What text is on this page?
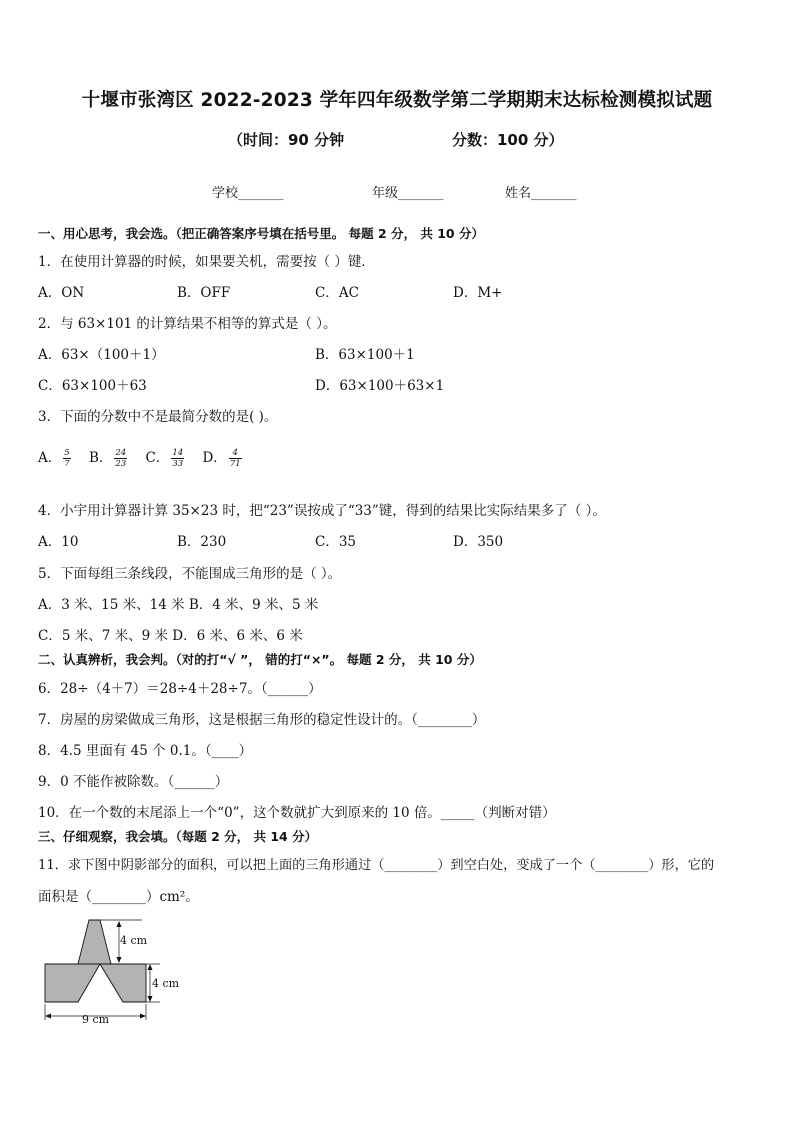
十堰市张湾区 2022-2023 学年四年级数学第二学期期末达标检测模拟试题
（时间：90 分钟	分数：100 分）
学校_______	年级_______	姓名_______
一、用心思考，我会选。（把正确答案序号填在括号里。 每题 2 分， 共 10 分）
1．在使用计算器的时候，如果要关机，需要按（ ）键．
A．ON	B．OFF	C．AC	D．M+
2．与 63×101 的计算结果不相等的算式是（ ）。
A．63×（100＋1）	B．63×100＋1
C．63×100＋63	D．63×100＋63×1
3．下面的分数中不是最简分数的是( )。
A． $\frac{5}{7}$ B． $\frac{24}{23}$ C． $\frac{14}{33}$ D． $\frac{4}{71}$
4．小宇用计算器计算 35×23 时，把“23”误按成了“33”键，得到的结果比实际结果多了（ ）。
A．10	B．230	C．35	D．350
5．下面每组三条线段，不能围成三角形的是（ ）。
A．3 米、15 米、14 米 B．4 米、9 米、5 米
C．5 米、7 米、9 米 D．6 米、6 米、6 米
二、认真辨析，我会判。（对的打“√ ”， 错的打“×”。 每题 2 分， 共 10 分）
6．28÷（4＋7）＝28÷4＋28÷7。（______）
7．房屋的房梁做成三角形，这是根据三角形的稳定性设计的。（________）
8．4.5 里面有 45 个 0.1。（____）
9．0 不能作被除数。（______）
10．在一个数的末尾添上一个“0”，这个数就扩大到原来的 10 倍。_____（判断对错）
三、仔细观察，我会填。（每题 2 分， 共 14 分）
11．求下图中阴影部分的面积，可以把上面的三角形通过（________）到空白处，变成了一个（________）形，它的
面积是（________）cm²。
4 cm
4 cm
9 cm
